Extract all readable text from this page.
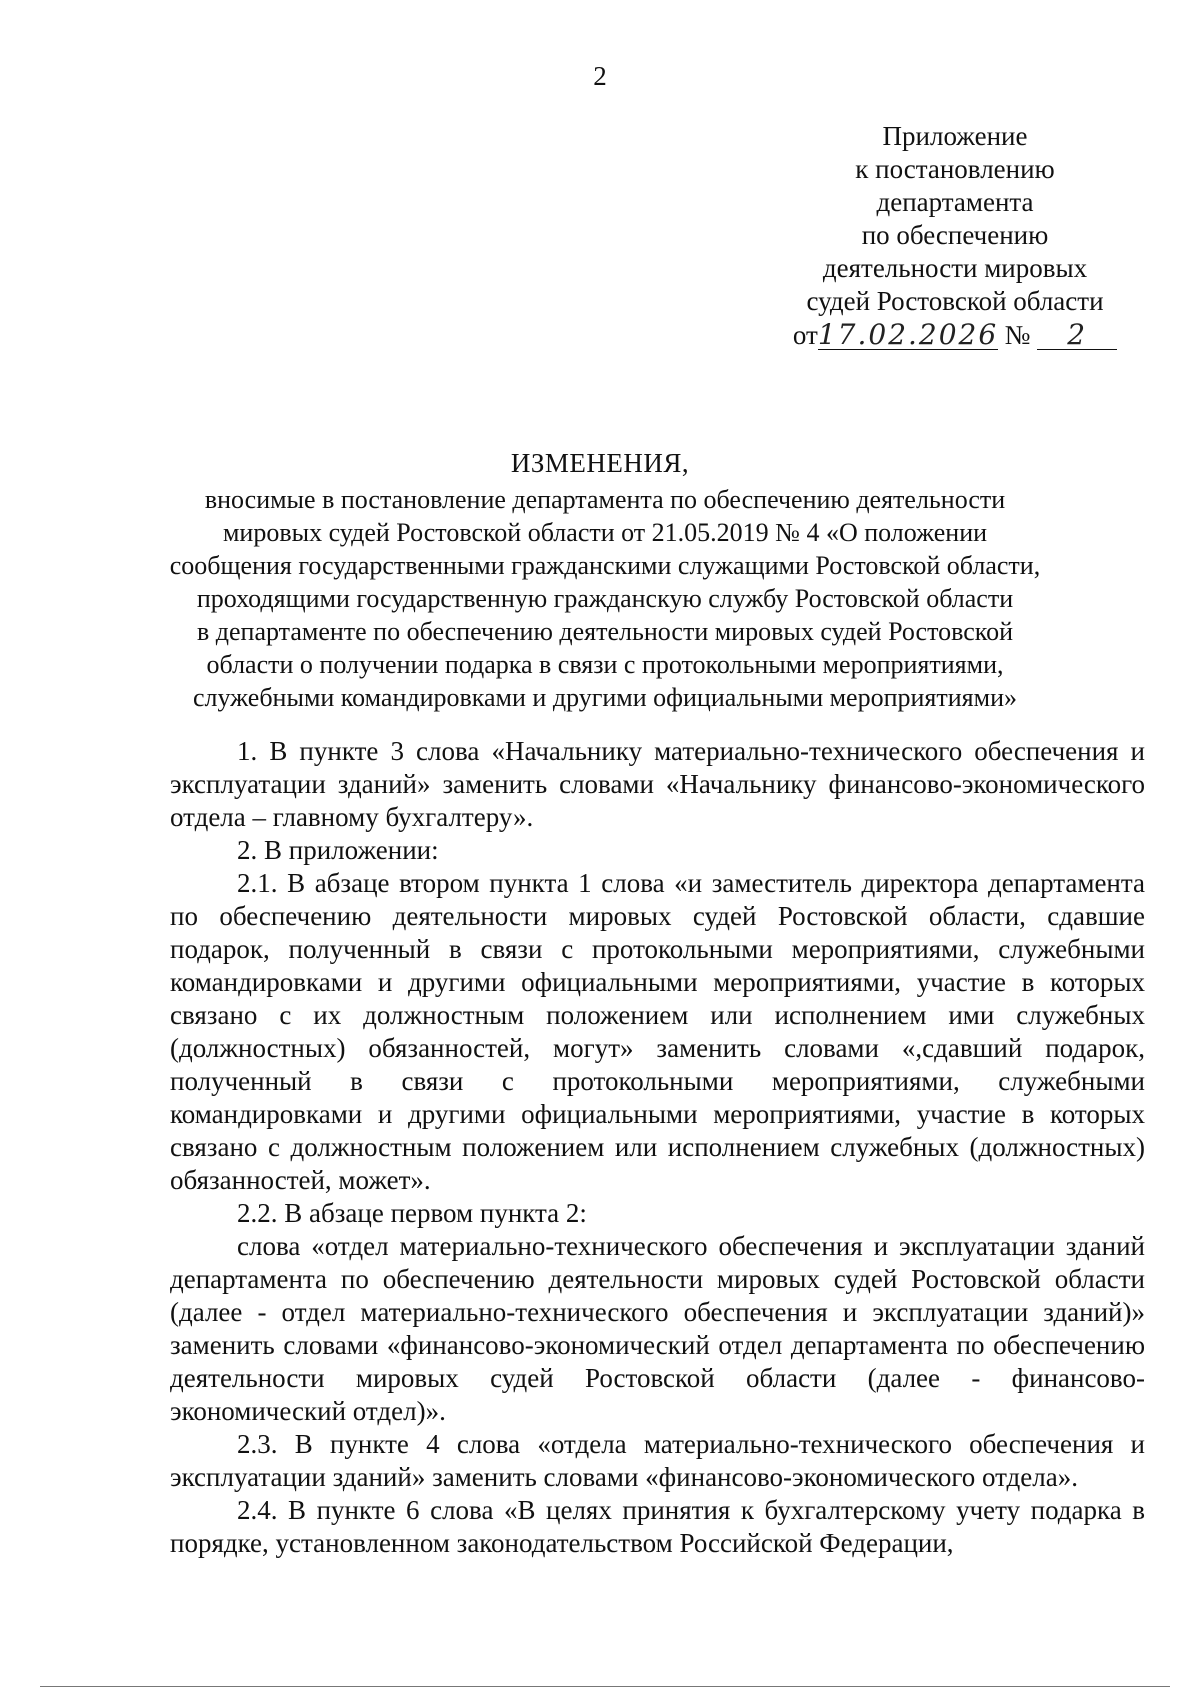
2
Приложение
к постановлению
департамента
по обеспечению
деятельности мировых
судей Ростовской области
от17.02.2026 № 2
ИЗМЕНЕНИЯ,
вносимые в постановление департамента по обеспечению деятельности
мировых судей Ростовской области от 21.05.2019 № 4 «О положении
сообщения государственными гражданскими служащими Ростовской области,
проходящими государственную гражданскую службу Ростовской области
в департаменте по обеспечению деятельности мировых судей Ростовской
области о получении подарка в связи с протокольными мероприятиями,
служебными командировками и другими официальными мероприятиями»

1. В пункте 3 слова «Начальнику материально-технического обеспечения и эксплуатации зданий» заменить словами «Начальнику финансово-экономического отдела – главному бухгалтеру».

2. В приложении:

2.1. В абзаце втором пункта 1 слова «и заместитель директора департамента по обеспечению деятельности мировых судей Ростовской области, сдавшие подарок, полученный в связи с протокольными мероприятиями, служебными командировками и другими официальными мероприятиями, участие в которых связано с их должностным положением или исполнением ими служебных (должностных) обязанностей, могут» заменить словами «,сдавший подарок, полученный в связи с протокольными мероприятиями, служебными командировками и другими официальными мероприятиями, участие в которых связано с должностным положением или исполнением служебных (должностных) обязанностей, может».

2.2. В абзаце первом пункта 2:

слова «отдел материально-технического обеспечения и эксплуатации зданий департамента по обеспечению деятельности мировых судей Ростовской области (далее - отдел материально-технического обеспечения и эксплуатации зданий)» заменить словами «финансово-экономический отдел департамента по обеспечению деятельности мировых судей Ростовской области (далее - финансово-экономический отдел)».

2.3. В пункте 4 слова «отдела материально-технического обеспечения и эксплуатации зданий» заменить словами «финансово-экономического отдела».

2.4. В пункте 6 слова «В целях принятия к бухгалтерскому учету подарка в порядке, установленном законодательством Российской Федерации,
